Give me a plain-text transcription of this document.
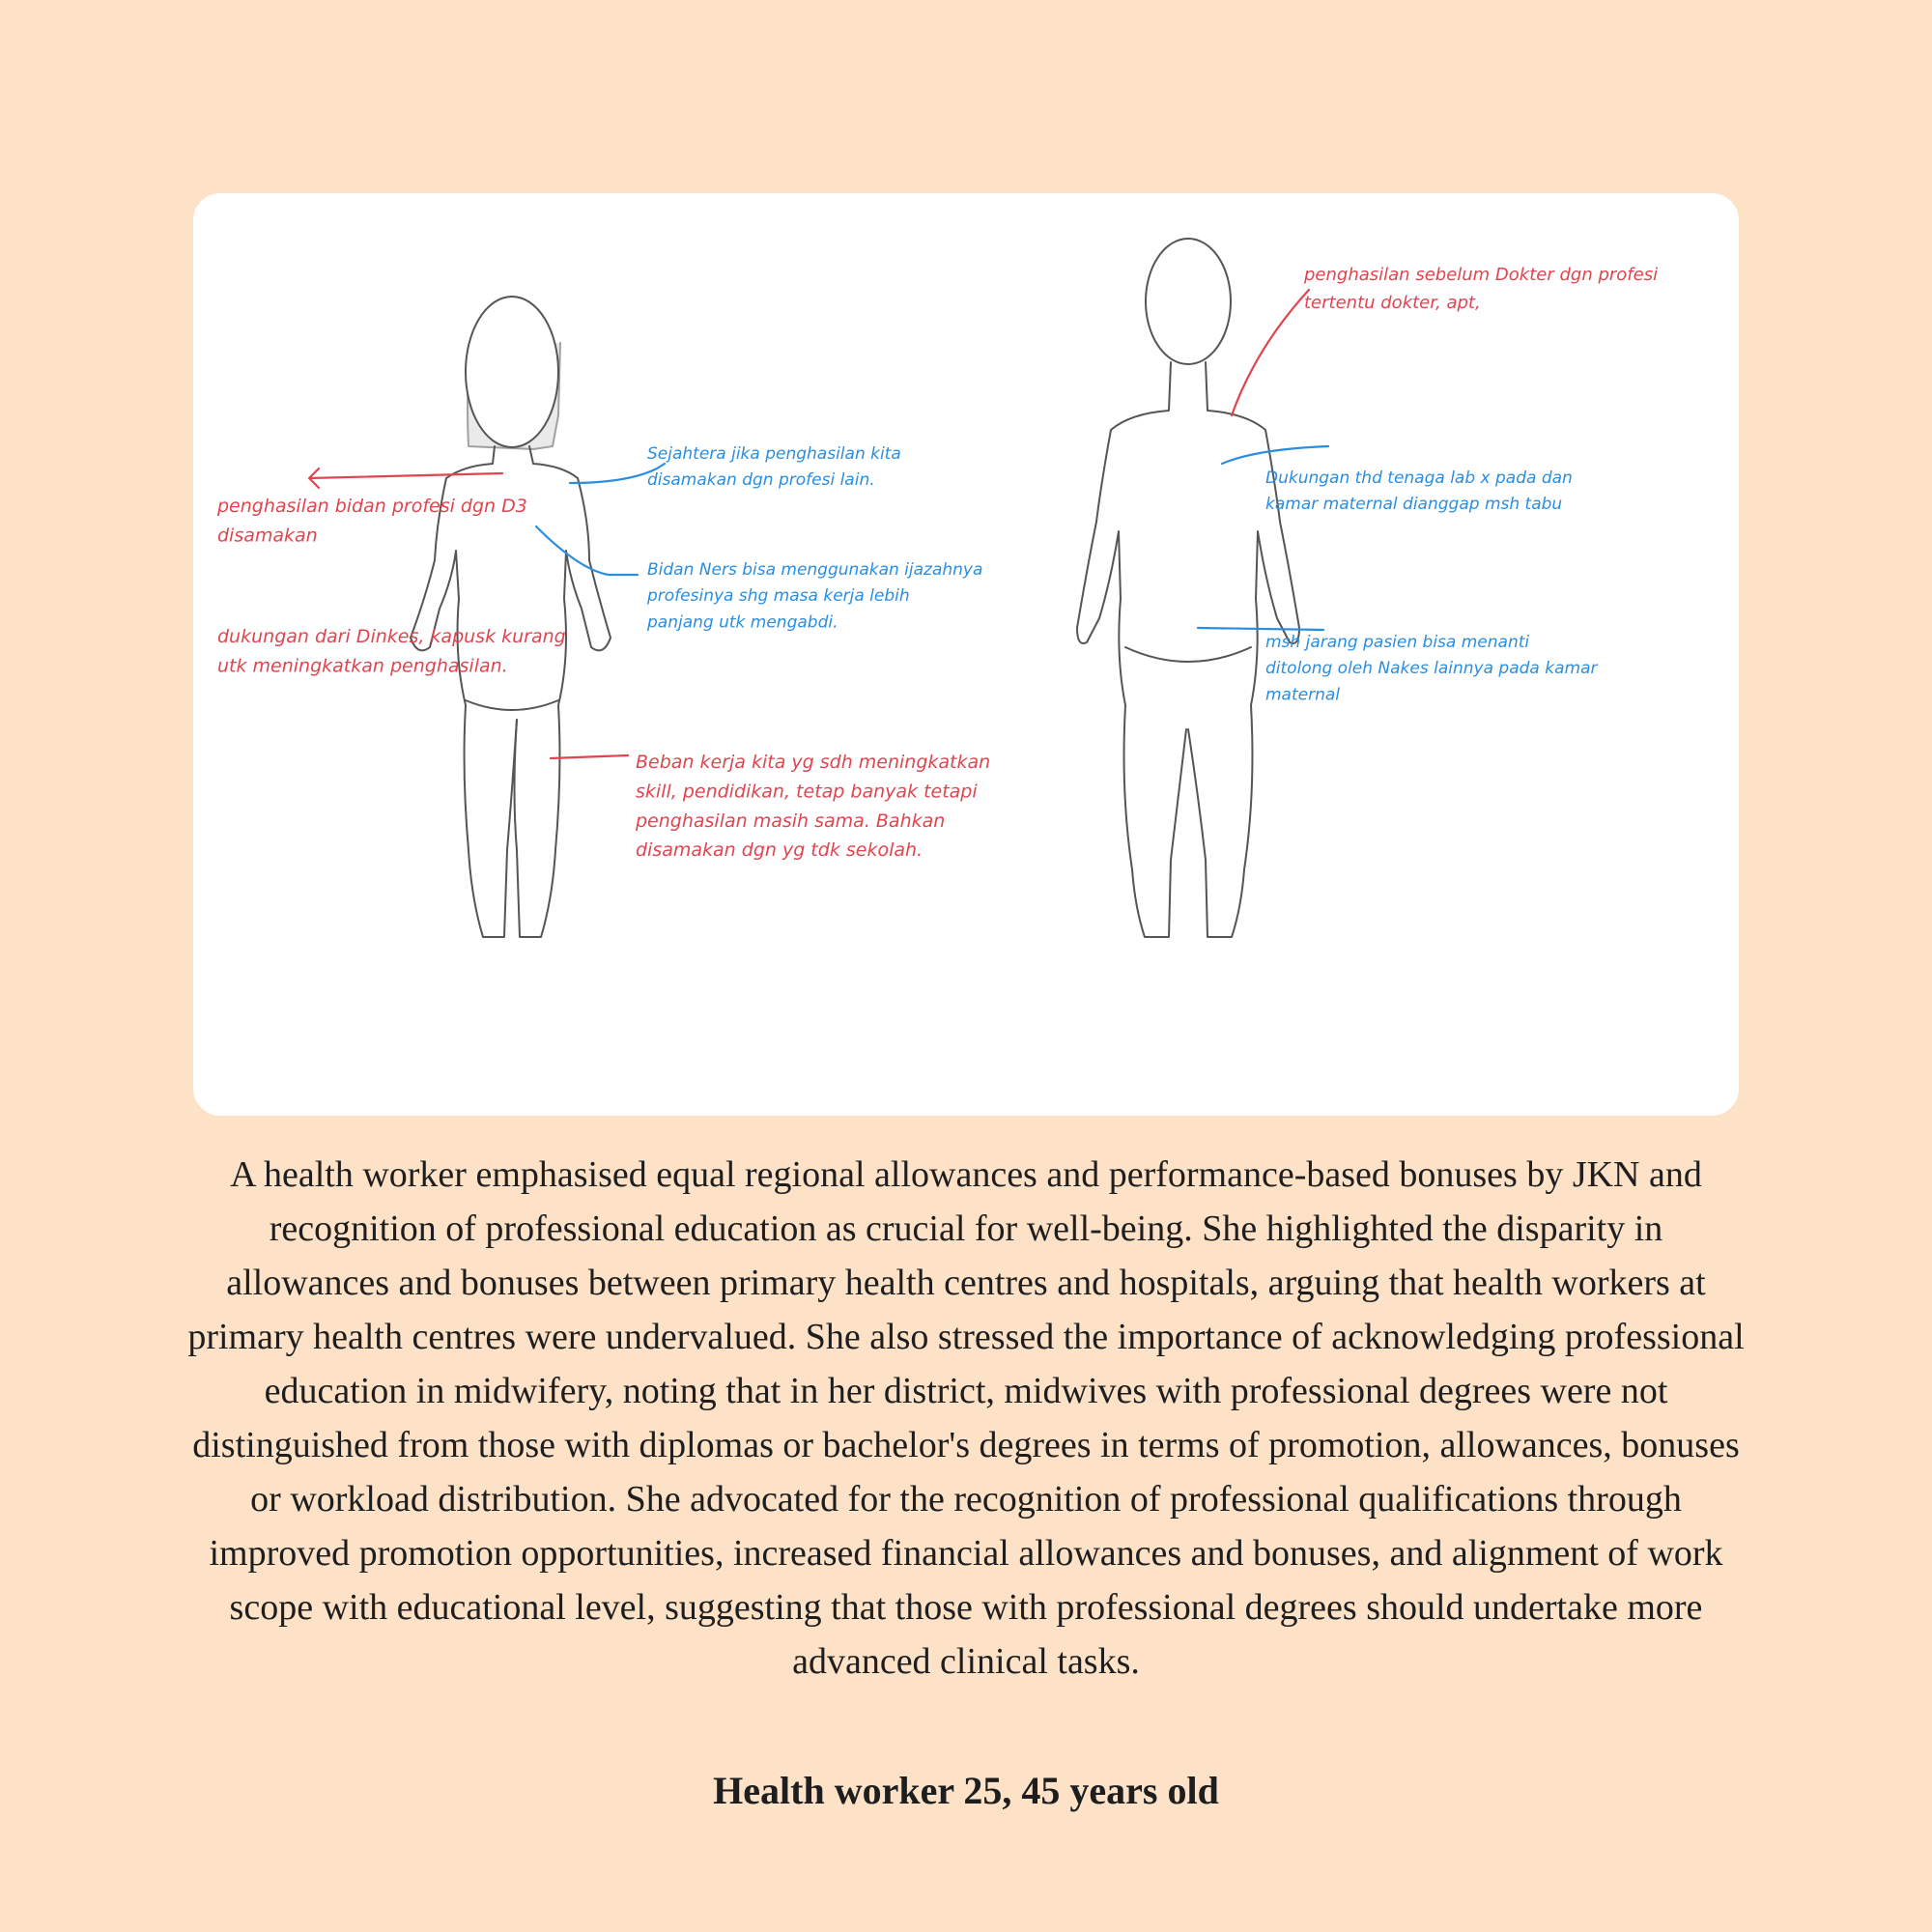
penghasilan bidan profesi dgn D3 disamakan
dukungan dari Dinkes, kapusk kurang utk meningkatkan penghasilan.
Beban kerja kita yg sdh meningkatkan skill, pendidikan, tetap banyak tetapi penghasilan masih sama. Bahkan disamakan dgn yg tdk sekolah.
penghasilan sebelum Dokter dgn profesi tertentu dokter, apt,
Sejahtera jika penghasilan kita disamakan dgn profesi lain.
Bidan Ners bisa menggunakan ijazahnya profesinya shg masa kerja lebih panjang utk mengabdi.
Dukungan thd tenaga lab x pada dan kamar maternal dianggap msh tabu
msh jarang pasien bisa menanti ditolong oleh Nakes lainnya pada kamar maternal

A health worker emphasised equal regional allowances and performance-based bonuses by JKN and recognition of professional education as crucial for well-being. She highlighted the disparity in allowances and bonuses between primary health centres and hospitals, arguing that health workers at primary health centres were undervalued. She also stressed the importance of acknowledging professional education in midwifery, noting that in her district, midwives with professional degrees were not distinguished from those with diplomas or bachelor's degrees in terms of promotion, allowances, bonuses or workload distribution. She advocated for the recognition of professional qualifications through improved promotion opportunities, increased financial allowances and bonuses, and alignment of work scope with educational level, suggesting that those with professional degrees should undertake more advanced clinical tasks.

Health worker 25, 45 years old
